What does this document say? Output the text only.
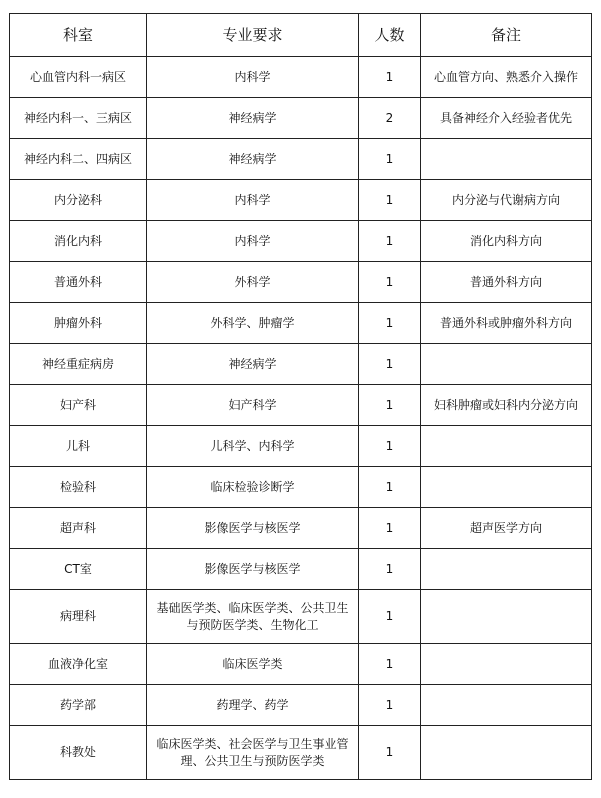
科室	专业要求	人数	备注
心血管内科一病区	内科学	1	心血管方向、熟悉介入操作
神经内科一、三病区	神经病学	2	具备神经介入经验者优先
神经内科二、四病区	神经病学	1	
内分泌科	内科学	1	内分泌与代谢病方向
消化内科	内科学	1	消化内科方向
普通外科	外科学	1	普通外科方向
肿瘤外科	外科学、肿瘤学	1	普通外科或肿瘤外科方向
神经重症病房	神经病学	1	
妇产科	妇产科学	1	妇科肿瘤或妇科内分泌方向
儿科	儿科学、内科学	1	
检验科	临床检验诊断学	1	
超声科	影像医学与核医学	1	超声医学方向
CT室	影像医学与核医学	1	
病理科	基础医学类、临床医学类、公共卫生与预防医学类、生物化工	1	
血液净化室	临床医学类	1	
药学部	药理学、药学	1	
科教处	临床医学类、社会医学与卫生事业管理、公共卫生与预防医学类	1	
